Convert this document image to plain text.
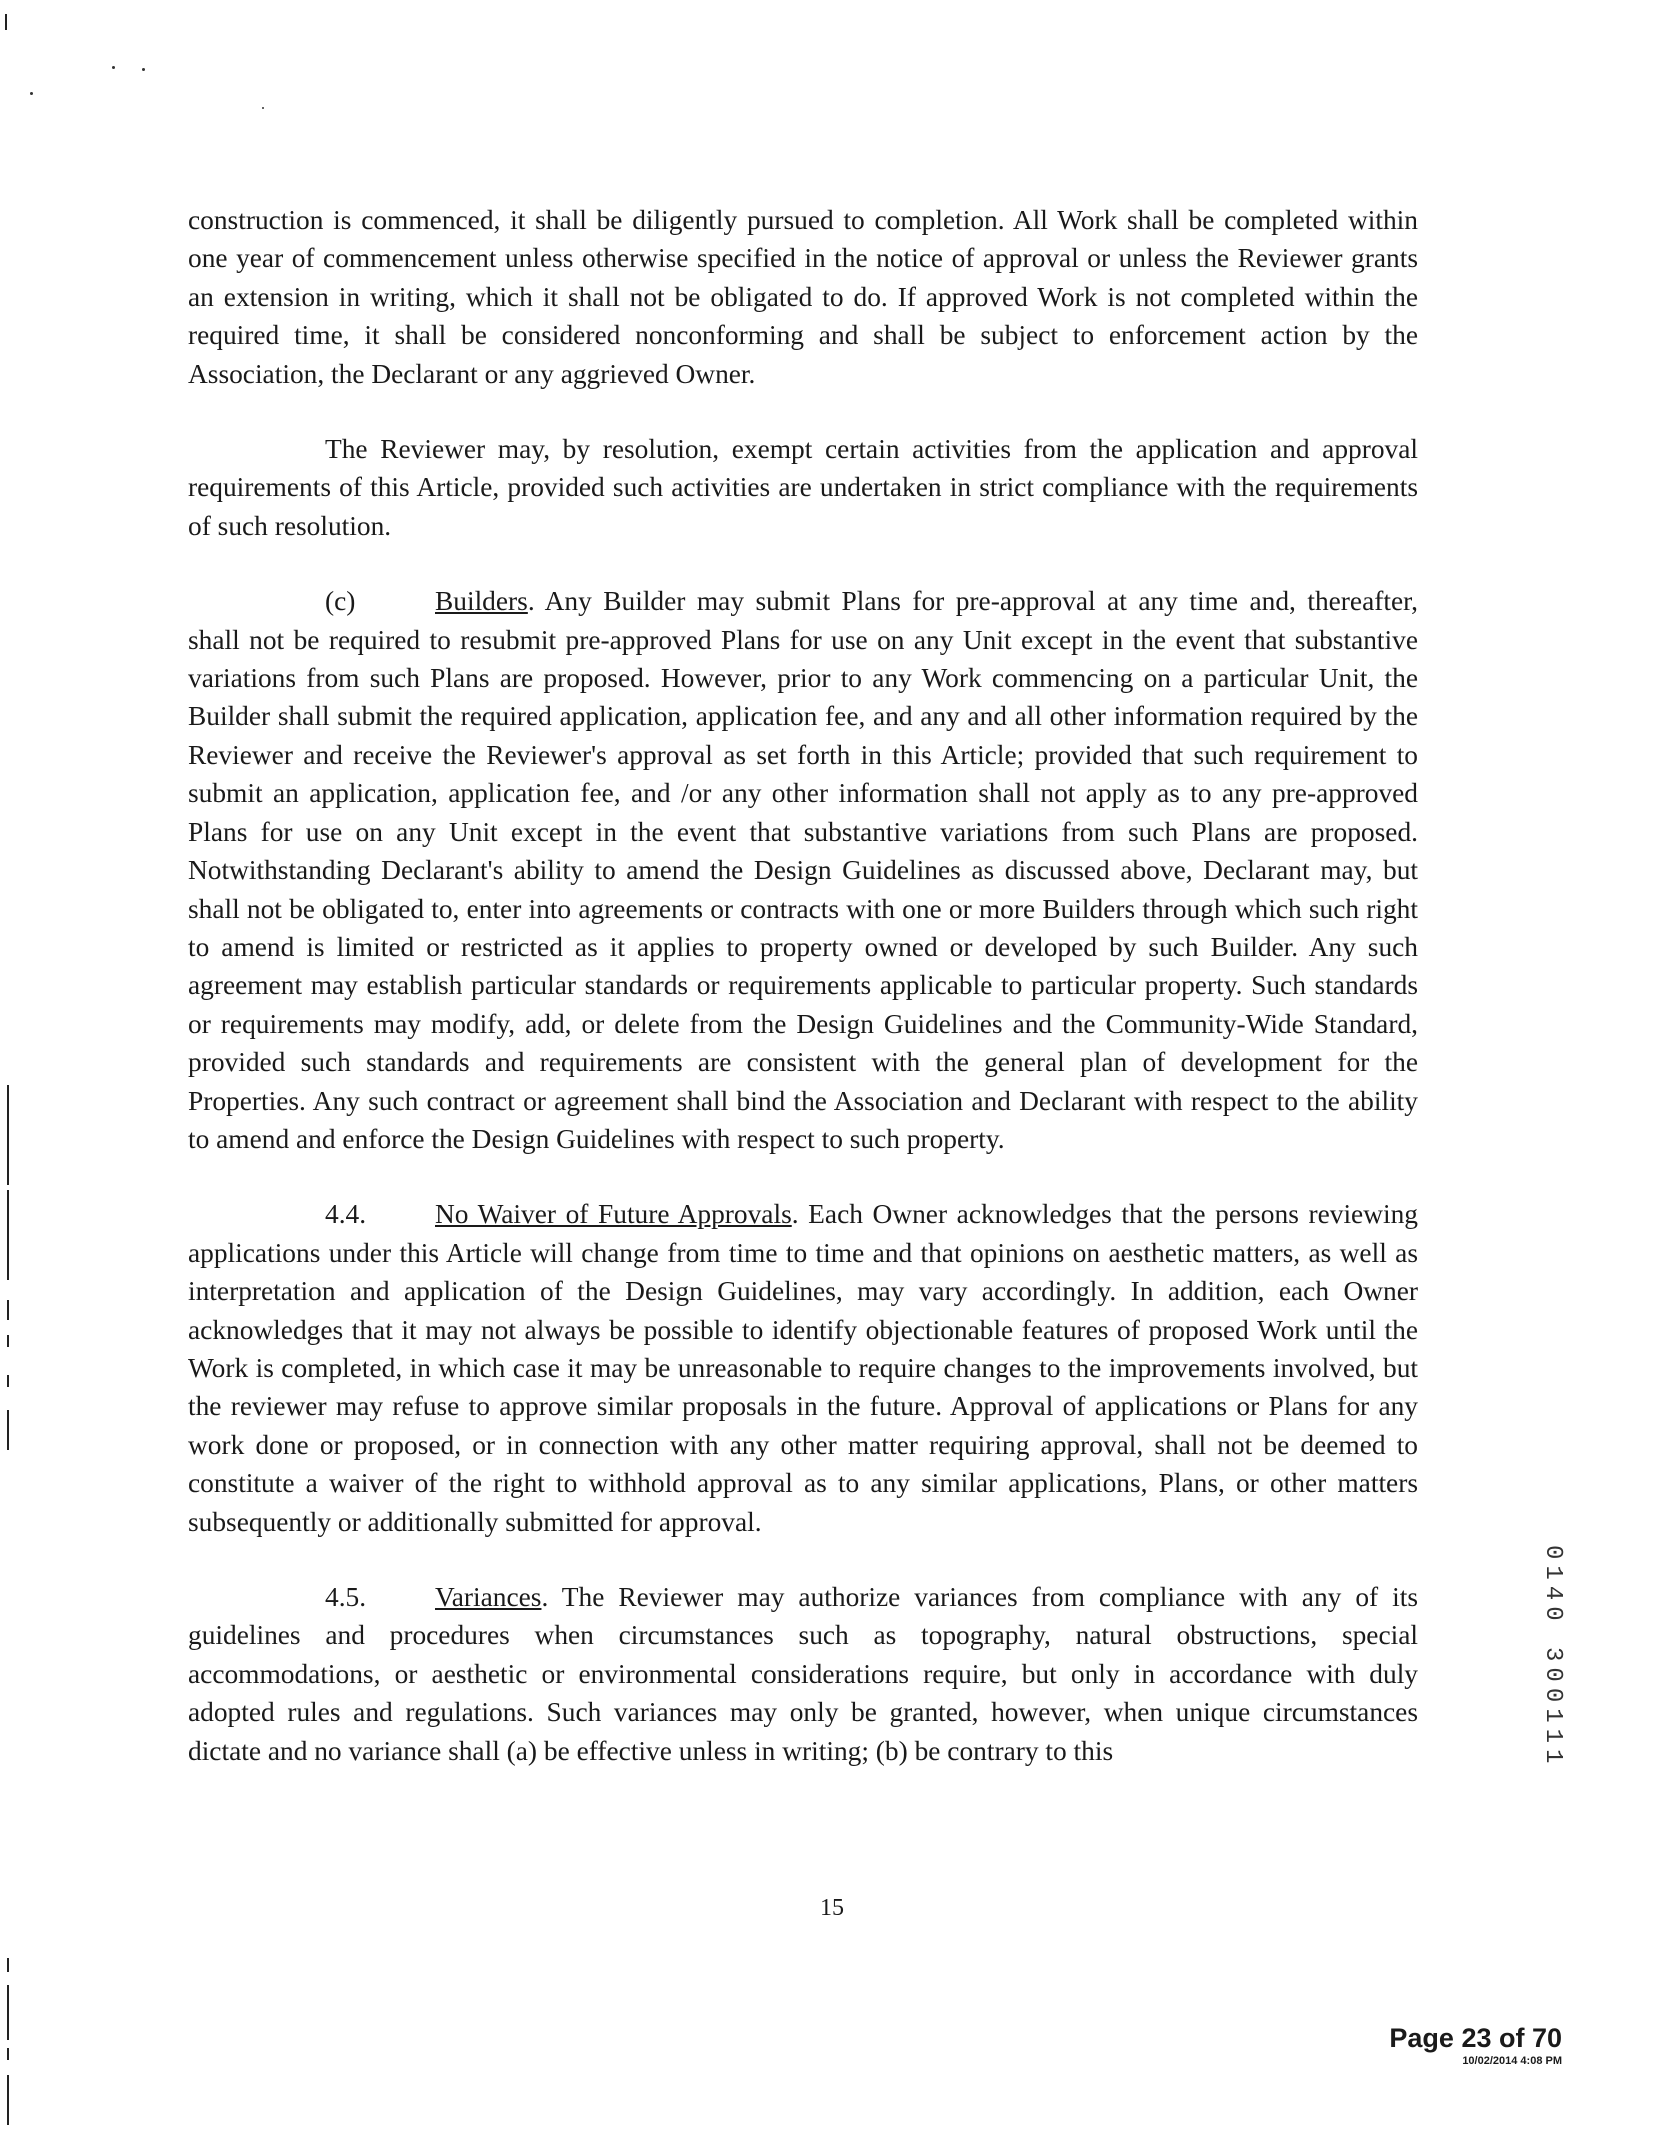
construction is commenced, it shall be diligently pursued to completion. All Work shall be completed within one year of commencement unless otherwise specified in the notice of approval or unless the Reviewer grants an extension in writing, which it shall not be obligated to do. If approved Work is not completed within the required time, it shall be considered nonconforming and shall be subject to enforcement action by the Association, the Declarant or any aggrieved Owner.

The Reviewer may, by resolution, exempt certain activities from the application and approval requirements of this Article, provided such activities are undertaken in strict compliance with the requirements of such resolution.

(c)	Builders. Any Builder may submit Plans for pre-approval at any time and, thereafter, shall not be required to resubmit pre-approved Plans for use on any Unit except in the event that substantive variations from such Plans are proposed. However, prior to any Work commencing on a particular Unit, the Builder shall submit the required application, application fee, and any and all other information required by the Reviewer and receive the Reviewer's approval as set forth in this Article; provided that such requirement to submit an application, application fee, and /or any other information shall not apply as to any pre-approved Plans for use on any Unit except in the event that substantive variations from such Plans are proposed. Notwithstanding Declarant's ability to amend the Design Guidelines as discussed above, Declarant may, but shall not be obligated to, enter into agreements or contracts with one or more Builders through which such right to amend is limited or restricted as it applies to property owned or developed by such Builder. Any such agreement may establish particular standards or requirements applicable to particular property. Such standards or requirements may modify, add, or delete from the Design Guidelines and the Community-Wide Standard, provided such standards and requirements are consistent with the general plan of development for the Properties. Any such contract or agreement shall bind the Association and Declarant with respect to the ability to amend and enforce the Design Guidelines with respect to such property.

4.4.	No Waiver of Future Approvals. Each Owner acknowledges that the persons reviewing applications under this Article will change from time to time and that opinions on aesthetic matters, as well as interpretation and application of the Design Guidelines, may vary accordingly. In addition, each Owner acknowledges that it may not always be possible to identify objectionable features of proposed Work until the Work is completed, in which case it may be unreasonable to require changes to the improvements involved, but the reviewer may refuse to approve similar proposals in the future. Approval of applications or Plans for any work done or proposed, or in connection with any other matter requiring approval, shall not be deemed to constitute a waiver of the right to withhold approval as to any similar applications, Plans, or other matters subsequently or additionally submitted for approval.

4.5.	Variances. The Reviewer may authorize variances from compliance with any of its guidelines and procedures when circumstances such as topography, natural obstructions, special accommodations, or aesthetic or environmental considerations require, but only in accordance with duly adopted rules and regulations. Such variances may only be granted, however, when unique circumstances dictate and no variance shall (a) be effective unless in writing; (b) be contrary to this

15
0140 300111
Page 23 of 70
10/02/2014 4:08 PM
